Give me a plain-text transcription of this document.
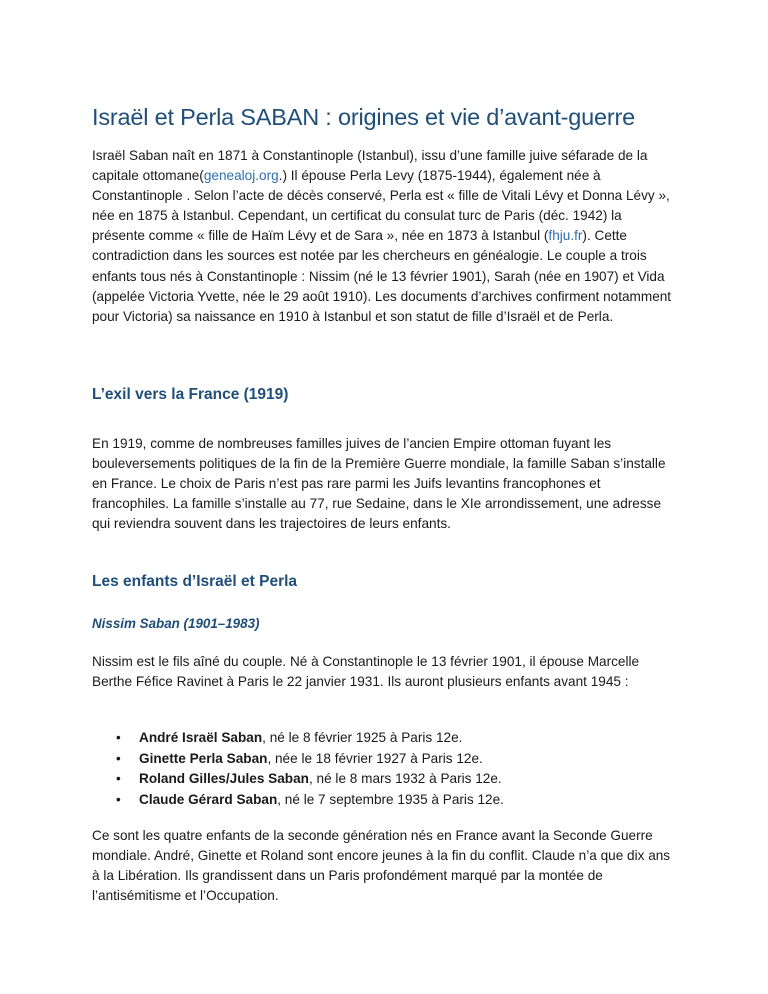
Israël et Perla SABAN : origines et vie d’avant-guerre

Israël Saban naît en 1871 à Constantinople (Istanbul), issu d’une famille juive séfarade de la capitale ottomane(genealoj.org.) Il épouse Perla Levy (1875-1944), également née à Constantinople . Selon l’acte de décès conservé, Perla est « fille de Vitali Lévy et Donna Lévy », née en 1875 à Istanbul. Cependant, un certificat du consulat turc de Paris (déc. 1942) la présente comme « fille de Haïm Lévy et de Sara », née en 1873 à Istanbul (fhju.fr). Cette contradiction dans les sources est notée par les chercheurs en généalogie. Le couple a trois enfants tous nés à Constantinople : Nissim (né le 13 février 1901), Sarah (née en 1907) et Vida (appelée Victoria Yvette, née le 29 août 1910). Les documents d’archives confirment notamment pour Victoria) sa naissance en 1910 à Istanbul et son statut de fille d’Israël et de Perla.

L’exil vers la France (1919)

En 1919, comme de nombreuses familles juives de l’ancien Empire ottoman fuyant les bouleversements politiques de la fin de la Première Guerre mondiale, la famille Saban s’installe en France. Le choix de Paris n’est pas rare parmi les Juifs levantins francophones et francophiles. La famille s’installe au 77, rue Sedaine, dans le XIe arrondissement, une adresse qui reviendra souvent dans les trajectoires de leurs enfants.

Les enfants d’Israël et Perla
Nissim Saban (1901–1983)

Nissim est le fils aîné du couple. Né à Constantinople le 13 février 1901, il épouse Marcelle Berthe Féfice Ravinet à Paris le 22 janvier 1931. Ils auront plusieurs enfants avant 1945 :

• André Israël Saban, né le 8 février 1925 à Paris 12e.
• Ginette Perla Saban, née le 18 février 1927 à Paris 12e.
• Roland Gilles/Jules Saban, né le 8 mars 1932 à Paris 12e.
• Claude Gérard Saban, né le 7 septembre 1935 à Paris 12e.

Ce sont les quatre enfants de la seconde génération nés en France avant la Seconde Guerre mondiale. André, Ginette et Roland sont encore jeunes à la fin du conflit. Claude n’a que dix ans à la Libération. Ils grandissent dans un Paris profondément marqué par la montée de l’antisémitisme et l’Occupation.
